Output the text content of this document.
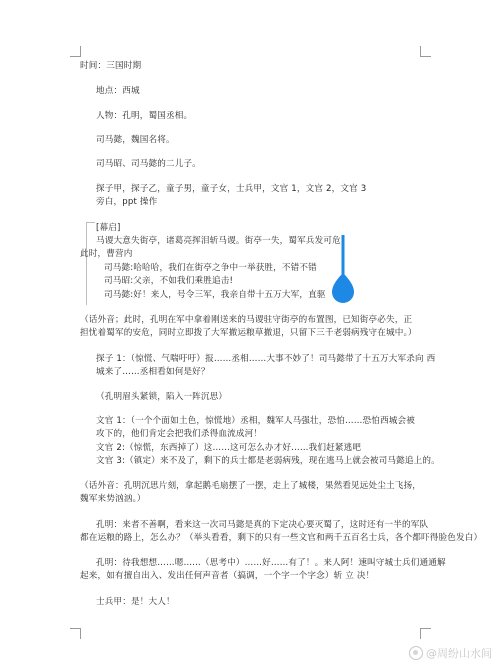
时间：三国时期
地点：西城
人物：孔明，蜀国丞相。
司马懿，魏国名将。
司马昭、司马懿的二儿子。
探子甲，探子乙，童子男，童子女，士兵甲，文官 1，文官 2，文官 3
旁白，ppt 操作
[幕启]
马谡大意失街亭，诸葛亮挥泪斩马谡。街亭一失，蜀军兵发可危
此时，曹营内
司马懿:哈哈哈，我们在街亭之争中一举获胜，不错不错
司马昭:父亲，不如我们乘胜追击!
司马懿:好！来人，号令三军，我亲自带十五万大军，直驱
（话外音；此时，孔明在军中拿着刚送来的马谡驻守街亭的布置图，已知街亭必失，正
担忧着蜀军的安危，同时立即拨了大军撤运粮草撤退，只留下三千老弱病残守在城中。）
探子 1：（惊慌、气喘吁吁）报……丞相……大事不妙了！司马懿带了十五万大军杀向 西
城来了……丞相看如何是好？
（孔明眉头紧锁，陷入一阵沉思）
文官 1：（一个个面如土色，惊慌地）丞相，魏军人马强壮，恐怕……恐怕西城会被
攻下的，他们肯定会把我们杀得血流成河！
文官 2:（惊慌，东西掉了）这……这可怎么办才好……我们赶紧逃吧
文官 3:（镇定）来不及了，剩下的兵士都是老弱病残，现在逃马上就会被司马懿追上的。
（话外音：孔明沉思片刻，拿起鹅毛扇摆了一摆，走上了城楼，果然看见远处尘土飞扬，
魏军来势汹汹。）
孔明：来者不善啊，看来这一次司马懿是真的下定决心要灭蜀了，这时还有一半的军队
都在运粮的路上，怎么办？（举头看看，剩下的只有一些文官和两千五百名士兵，各个都吓得脸色发白）
孔明：待我想想……嗯……（思考中）……好……有了！。来人阿！速叫守城士兵们通通解
起来，如有擅自出入、发出任何声音者（搞调，一个字一个字念）斩 立 决！
士兵甲：是！大人！
@周纷山水间
